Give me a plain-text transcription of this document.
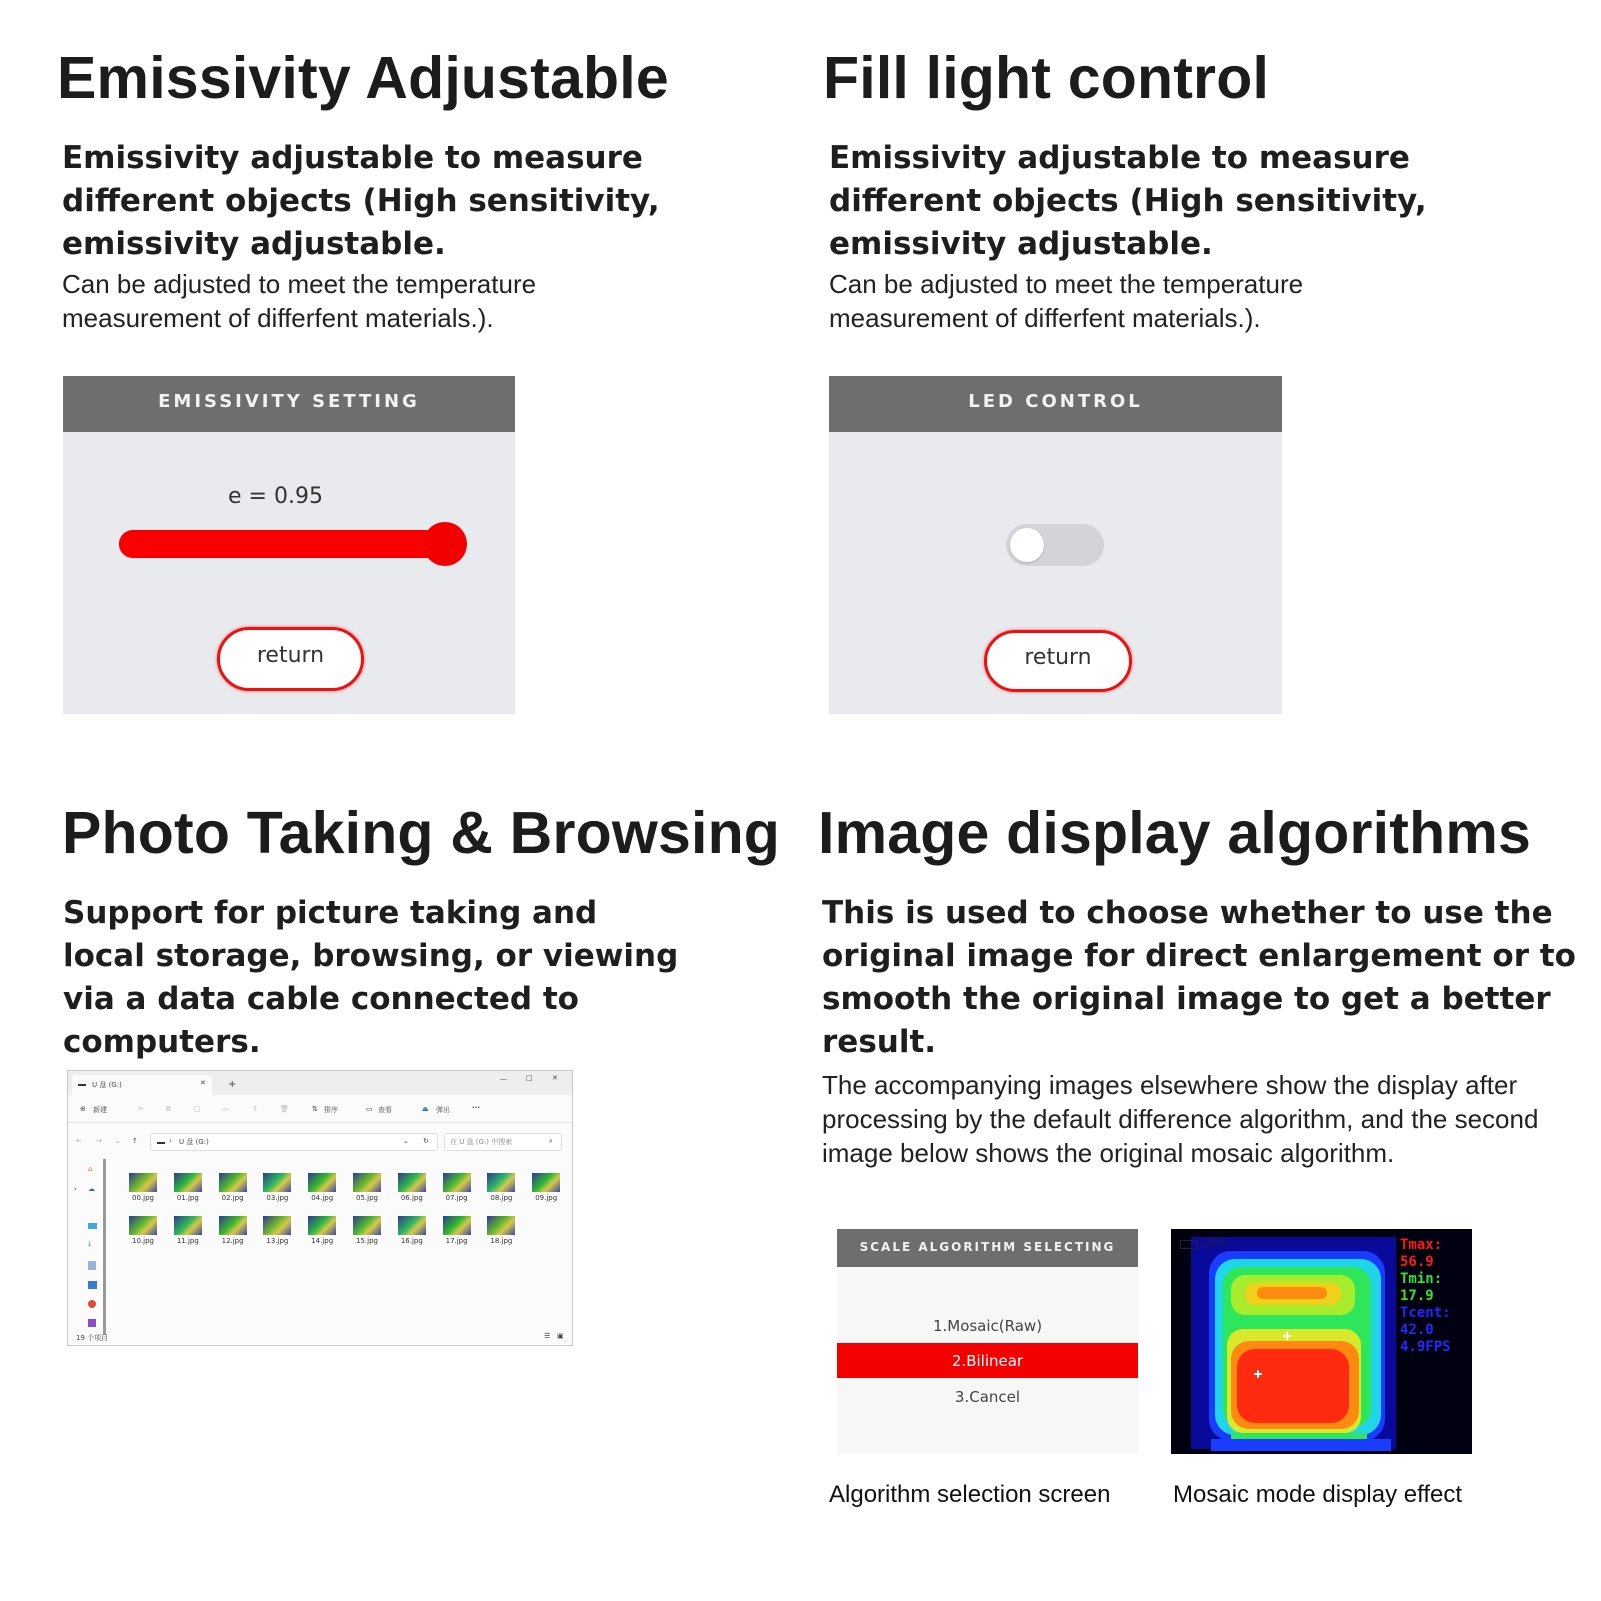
Emissivity Adjustable
Emissivity adjustable to measure different objects (High sensitivity, emissivity adjustable.
Can be adjusted to meet the temperature measurement of differfent materials.).
EMISSIVITY SETTING
e = 0.95
return
Fill light control
Emissivity adjustable to measure different objects (High sensitivity, emissivity adjustable.
Can be adjusted to meet the temperature measurement of differfent materials.).
LED CONTROL
return
Photo Taking & Browsing
Support for picture taking and local storage, browsing, or viewing via a data cable connected to computers.
U 盘 (G:)	✕ +	—	□	✕
⊕ 新建	✂	⧉	▢	▭	⇪	🗑	⇅ 排序	▭ 查看	⏏ 弹出	···
← → ⌄ ↑	› U 盘 (G:)	⌄ ↻	在 U 盘 (G:) 中搜索	⌕
⌂
› ☁
⤓
00.jpg	01.jpg	02.jpg	03.jpg	04.jpg	05.jpg	06.jpg	07.jpg	08.jpg	09.jpg
10.jpg	11.jpg	12.jpg	13.jpg	14.jpg	15.jpg	16.jpg	17.jpg	18.jpg
19 个项目	☰ ▣
Image display algorithms
This is used to choose whether to use the original image for direct enlargement or to smooth the original image to get a better result.
The accompanying images elsewhere show the display after processing by the default difference algorithm, and the second image below shows the original mosaic algorithm.
SCALE ALGORITHM SELECTING
1.Mosaic(Raw)
2.Bilinear
3.Cancel
Algorithm selection screen
10%	Tmax:
56.9
Tmin:
17.9
Tcent:
42.0
4.9FPS
Mosaic mode display effect
